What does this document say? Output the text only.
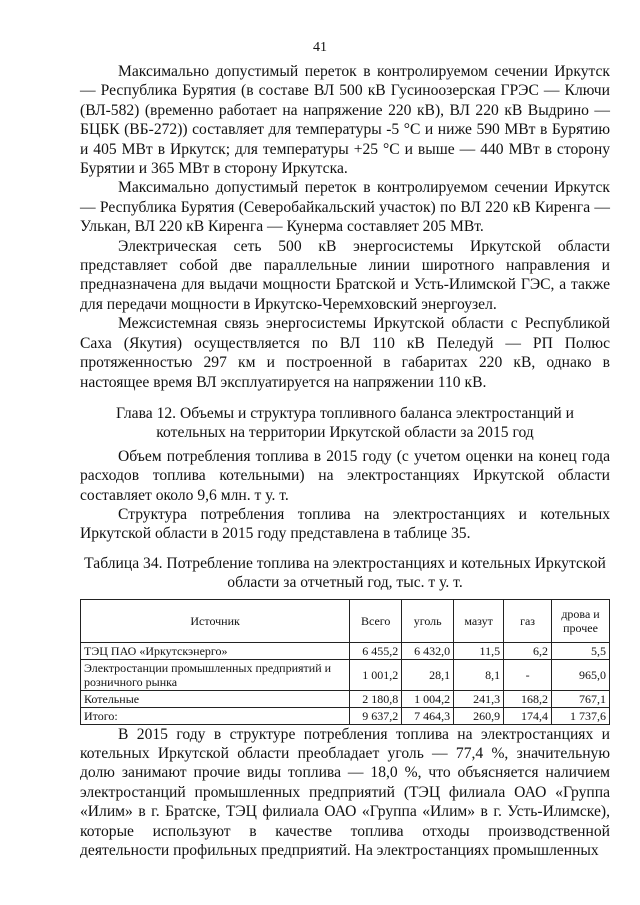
41

Максимально допустимый переток в контролируемом сечении Иркутск — Республика Бурятия (в составе ВЛ 500 кВ Гусиноозерская ГРЭС — Ключи (ВЛ-582) (временно работает на напряжение 220 кВ), ВЛ 220 кВ Выдрино — БЦБК (ВБ-272)) составляет для температуры -5 °С и ниже 590 МВт в Бурятию и 405 МВт в Иркутск; для температуры +25 °С и выше — 440 МВт в сторону Бурятии и 365 МВт в сторону Иркутска.

Максимально допустимый переток в контролируемом сечении Иркутск — Республика Бурятия (Северобайкальский участок) по ВЛ 220 кВ Киренга — Улькан, ВЛ 220 кВ Киренга — Кунерма составляет 205 МВт.

Электрическая сеть 500 кВ энергосистемы Иркутской области представляет собой две параллельные линии широтного направления и предназначена для выдачи мощности Братской и Усть-Илимской ГЭС, а также для передачи мощности в Иркутско-Черемховский энергоузел.

Межсистемная связь энергосистемы Иркутской области с Республикой Саха (Якутия) осуществляется по ВЛ 110 кВ Пеледуй — РП Полюс протяженностью 297 км и построенной в габаритах 220 кВ, однако в настоящее время ВЛ эксплуатируется на напряжении 110 кВ.

Глава 12. Объемы и структура топливного баланса электростанций и котельных на территории Иркутской области за 2015 год

Объем потребления топлива в 2015 году (с учетом оценки на конец года расходов топлива котельными) на электростанциях Иркутской области составляет около 9,6 млн. т у. т.

Структура потребления топлива на электростанциях и котельных Иркутской области в 2015 году представлена в таблице 35.

Таблица 34. Потребление топлива на электростанциях и котельных Иркутской области за отчетный год, тыс. т у. т.
Источник	Всего	уголь	мазут	газ	дрова и прочее
ТЭЦ ПАО «Иркутскэнерго»	6 455,2	6 432,0	11,5	6,2	5,5
Электростанции промышленных предприятий и розничного рынка	1 001,2	28,1	8,1	-	965,0
Котельные	2 180,8	1 004,2	241,3	168,2	767,1
Итого:	9 637,2	7 464,3	260,9	174,4	1 737,6

В 2015 году в структуре потребления топлива на электростанциях и котельных Иркутской области преобладает уголь — 77,4 %, значительную долю занимают прочие виды топлива — 18,0 %, что объясняется наличием электростанций промышленных предприятий (ТЭЦ филиала ОАО «Группа «Илим» в г. Братске, ТЭЦ филиала ОАО «Группа «Илим» в г. Усть-Илимске), которые используют в качестве топлива отходы производственной деятельности профильных предприятий. На электростанциях промышленных
